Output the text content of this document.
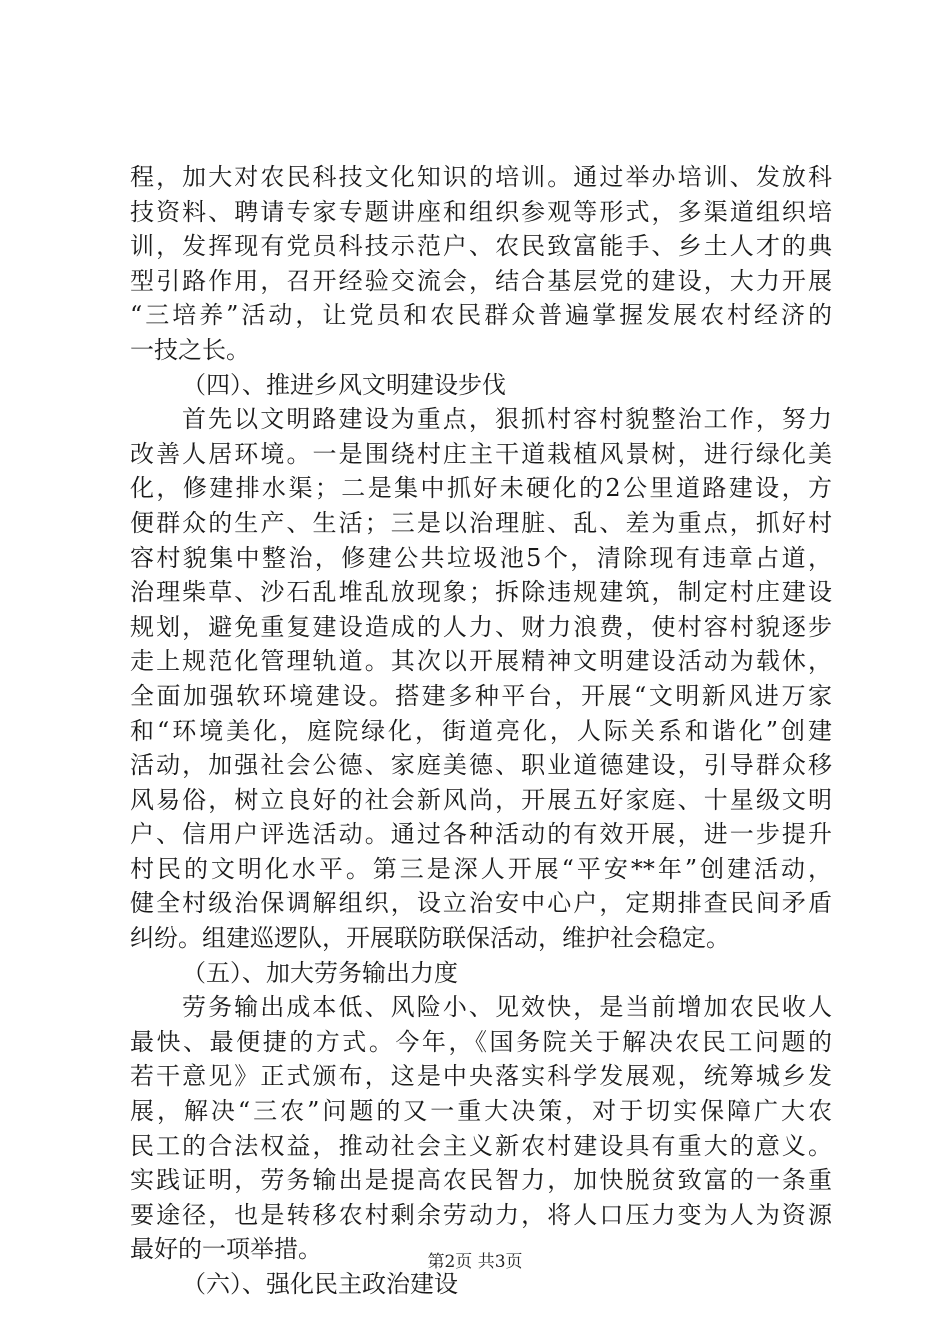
程，加大对农民科技文化知识的培训。通过举办培训、发放科
技资料、聘请专家专题讲座和组织参观等形式，多渠道组织培
训，发挥现有党员科技示范户、农民致富能手、乡土人才的典
型引路作用，召开经验交流会，结合基层党的建设，大力开展
“三培养”活动，让党员和农民群众普遍掌握发展农村经济的
一技之长。
（四）、推进乡风文明建设步伐
首先以文明路建设为重点，狠抓村容村貌整治工作，努力
改善人居环境。一是围绕村庄主干道栽植风景树，进行绿化美
化，修建排水渠；二是集中抓好未硬化的2公里道路建设，方
便群众的生产、生活；三是以治理脏、乱、差为重点，抓好村
容村貌集中整治，修建公共垃圾池5个，清除现有违章占道，
治理柴草、沙石乱堆乱放现象；拆除违规建筑，制定村庄建设
规划，避免重复建设造成的人力、财力浪费，使村容村貌逐步
走上规范化管理轨道。其次以开展精神文明建设活动为载休，
全面加强软环境建设。搭建多种平台，开展“文明新风进万家
和“环境美化，庭院绿化，街道亮化，人际关系和谐化”创建
活动，加强社会公德、家庭美德、职业道德建设，引导群众移
风易俗，树立良好的社会新风尚，开展五好家庭、十星级文明
户、信用户评选活动。通过各种活动的有效开展，进一步提升
村民的文明化水平。第三是深人开展“平安**年”创建活动，
健全村级治保调解组织，设立治安中心户，定期排查民间矛盾
纠纷。组建巡逻队，开展联防联保活动，维护社会稳定。
（五）、加大劳务输出力度
劳务输出成本低、风险小、见效快，是当前增加农民收人
最快、最便捷的方式。今年，《国务院关于解决农民工问题的
若干意见》正式颁布，这是中央落实科学发展观，统筹城乡发
展，解决“三农”问题的又一重大决策，对于切实保障广大农
民工的合法权益，推动社会主义新农村建设具有重大的意义。
实践证明，劳务输出是提高农民智力，加快脱贫致富的一条重
要途径，也是转移农村剩余劳动力，将人口压力变为人为资源
最好的一项举措。
（六）、强化民主政治建设
第2页 共3页
